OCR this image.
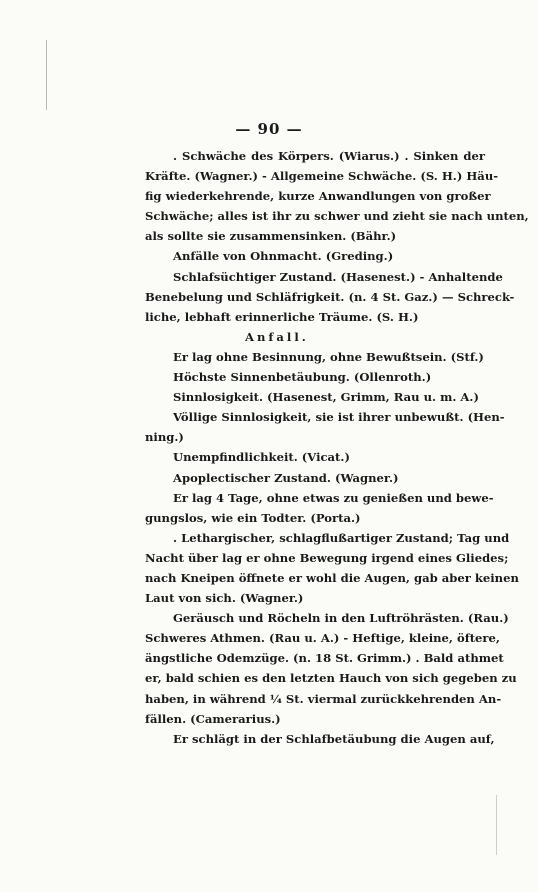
— 90 —
. Schwäche des Körpers. (Wiarus.) . Sinken der
Kräfte. (Wagner.) - Allgemeine Schwäche. (S. H.) Häu-
fig wiederkehrende, kurze Anwandlungen von großer
Schwäche; alles ist ihr zu schwer und zieht sie nach unten,
als sollte sie zusammensinken. (Bähr.)
Anfälle von Ohnmacht. (Greding.)
Schlafsüchtiger Zustand. (Hasenest.) - Anhaltende
Benebelung und Schläfrigkeit. (n. 4 St. Gaz.) — Schreck-
liche, lebhaft erinnerliche Träume. (S. H.)
Anfall.
Er lag ohne Besinnung, ohne Bewußtsein. (Stf.)
Höchste Sinnenbetäubung. (Ollenroth.)
Sinnlosigkeit. (Hasenest, Grimm, Rau u. m. A.)
Völlige Sinnlosigkeit, sie ist ihrer unbewußt. (Hen-
ning.)
Unempfindlichkeit. (Vicat.)
Apoplectischer Zustand. (Wagner.)
Er lag 4 Tage, ohne etwas zu genießen und bewe-
gungslos, wie ein Todter. (Porta.)
. Lethargischer, schlagflußartiger Zustand; Tag und
Nacht über lag er ohne Bewegung irgend eines Gliedes;
nach Kneipen öffnete er wohl die Augen, gab aber keinen
Laut von sich. (Wagner.)
Geräusch und Röcheln in den Luftröhrästen. (Rau.)
Schweres Athmen. (Rau u. A.) - Heftige, kleine, öftere,
ängstliche Odemzüge. (n. 18 St. Grimm.) . Bald athmet
er, bald schien es den letzten Hauch von sich gegeben zu
haben, in während ¼ St. viermal zurückkehrenden An-
fällen. (Camerarius.)
Er schlägt in der Schlafbetäubung die Augen auf,
